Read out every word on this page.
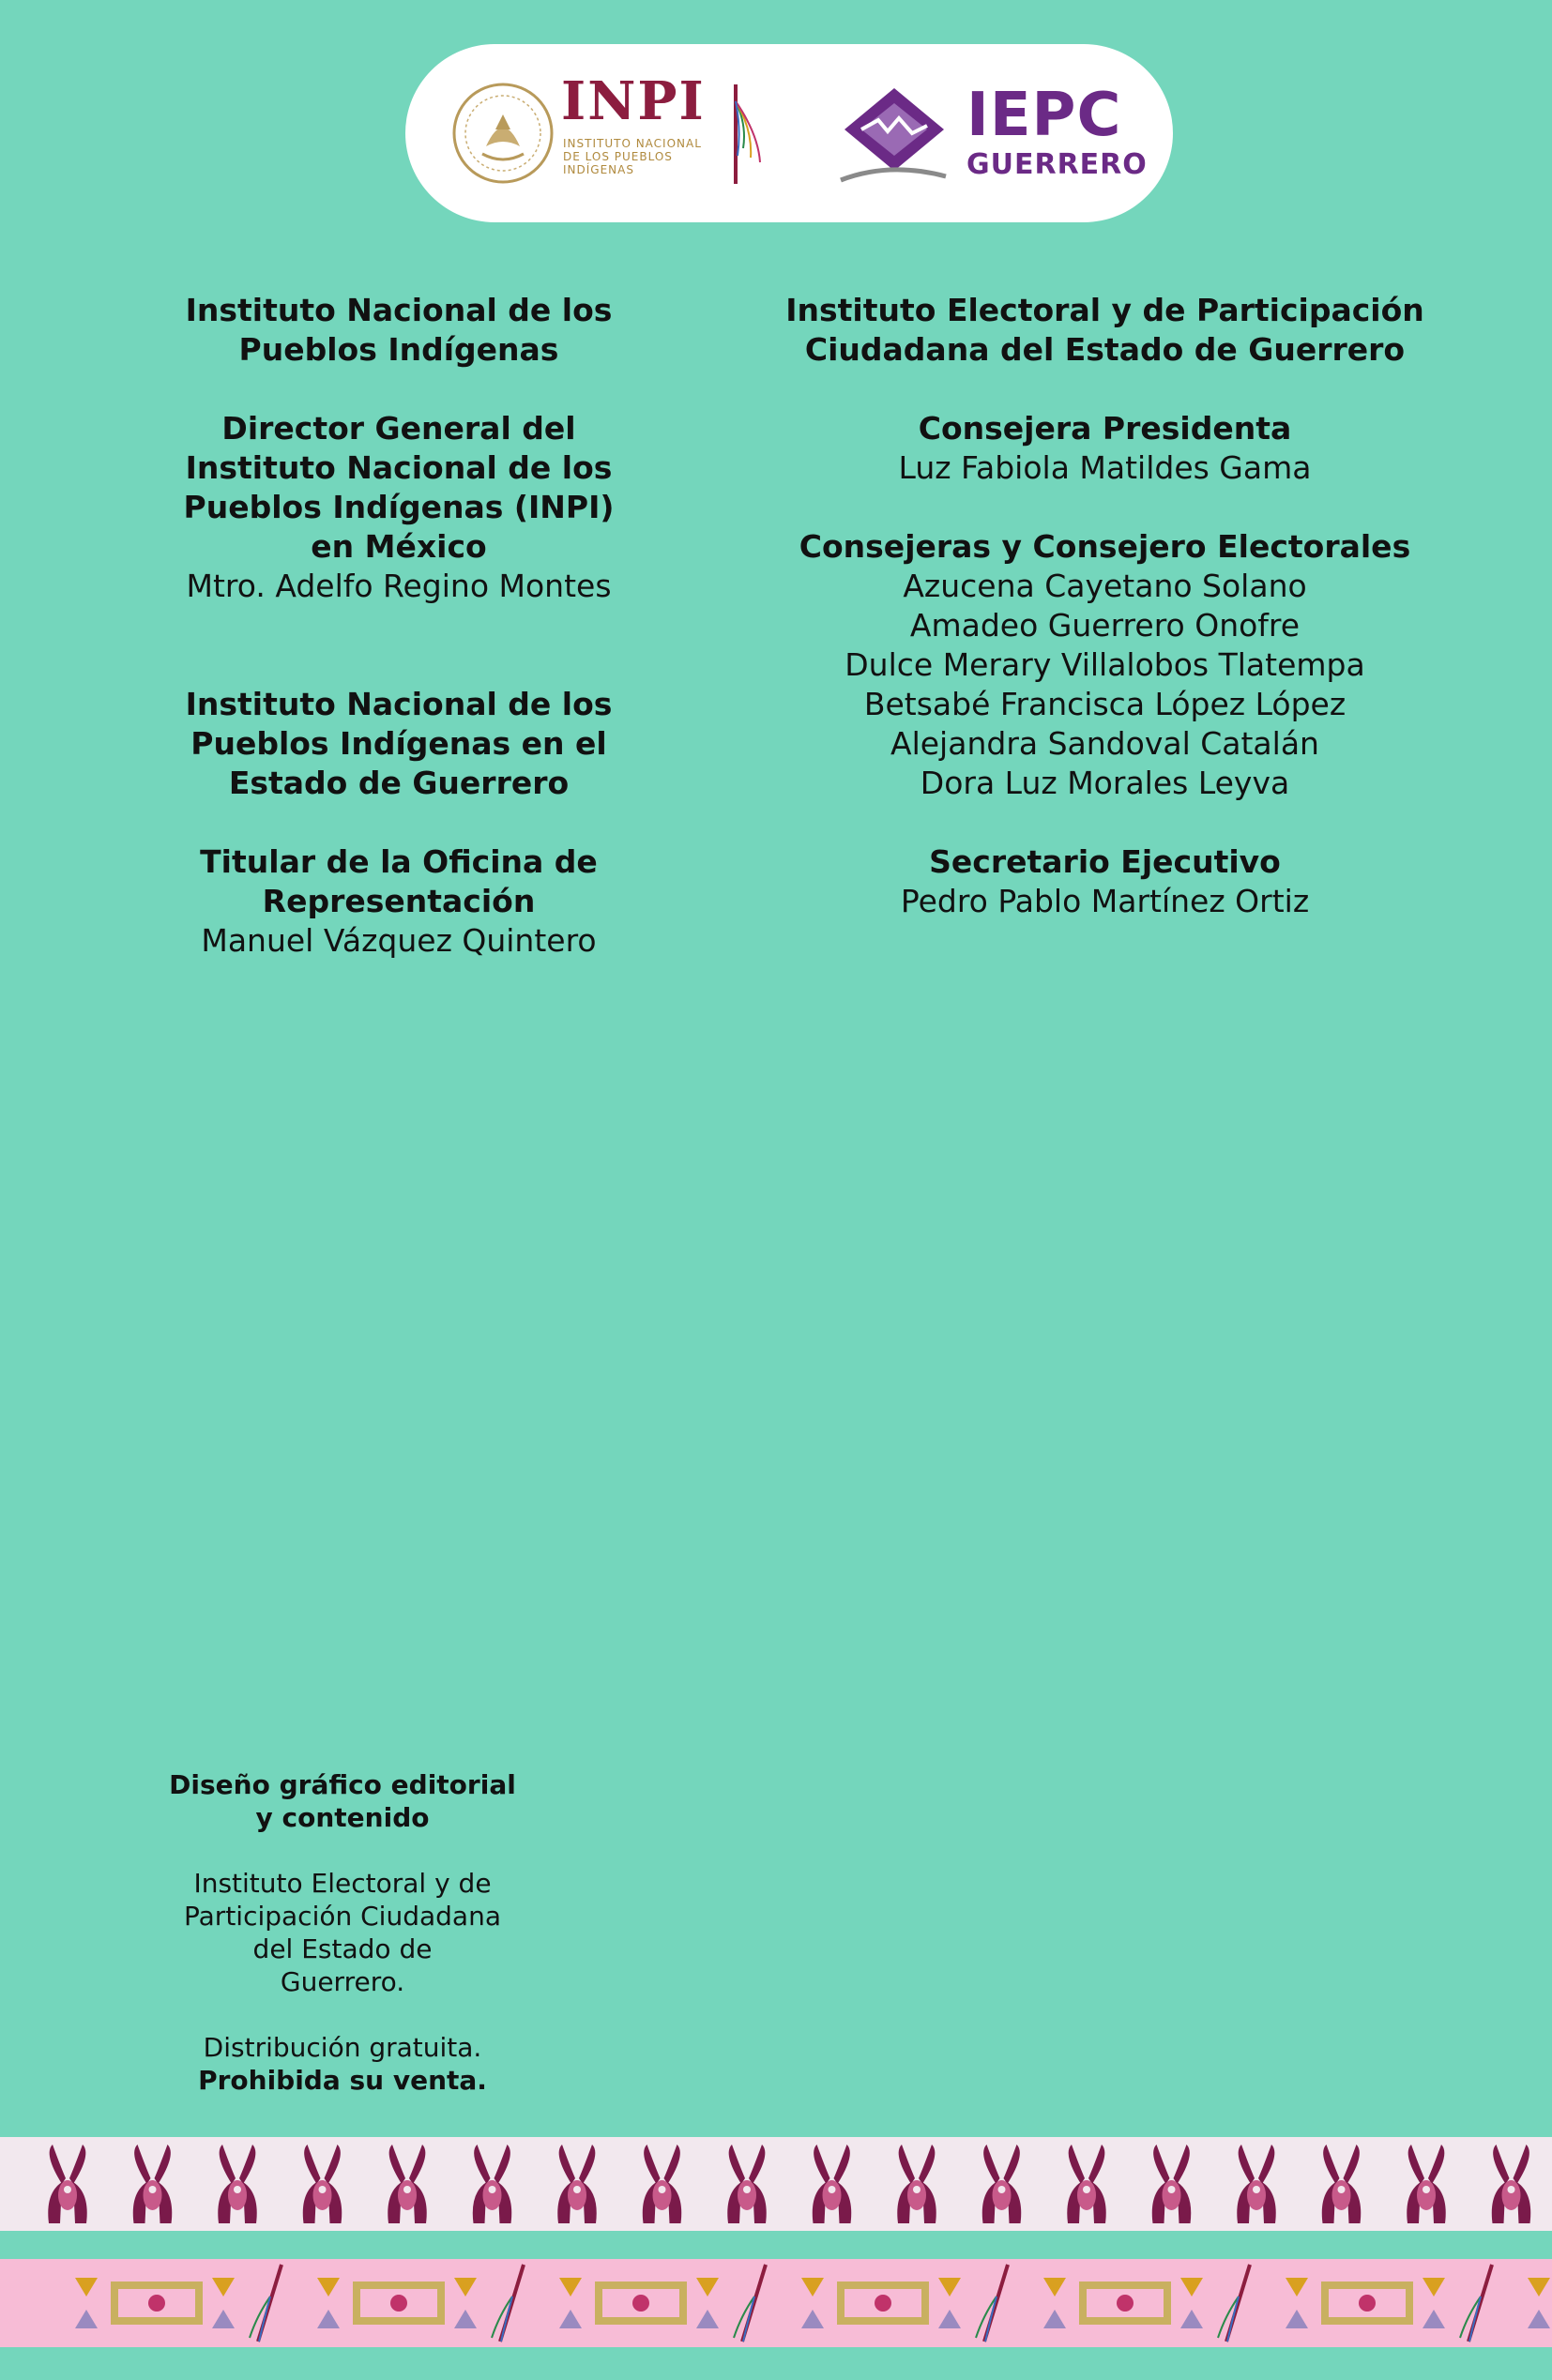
INPI
INSTITUTO NACIONAL
DE LOS PUEBLOS
INDÍGENAS
IEPC
GUERRERO
Instituto Nacional de los
Pueblos Indígenas
Director General del
Instituto Nacional de los
Pueblos Indígenas (INPI)
en México
Mtro. Adelfo Regino Montes
Instituto Nacional de los
Pueblos Indígenas en el
Estado de Guerrero
Titular de la Oficina de
Representación
Manuel Vázquez Quintero
Instituto Electoral y de Participación
Ciudadana del Estado de Guerrero
Consejera Presidenta
Luz Fabiola Matildes Gama
Consejeras y Consejero Electorales
Azucena Cayetano Solano
Amadeo Guerrero Onofre
Dulce Merary Villalobos Tlatempa
Betsabé Francisca López López
Alejandra Sandoval Catalán
Dora Luz Morales Leyva
Secretario Ejecutivo
Pedro Pablo Martínez Ortiz
Diseño gráfico editorial
y contenido
Instituto Electoral y de
Participación Ciudadana
del Estado de
Guerrero.
Distribución gratuita.
Prohibida su venta.
